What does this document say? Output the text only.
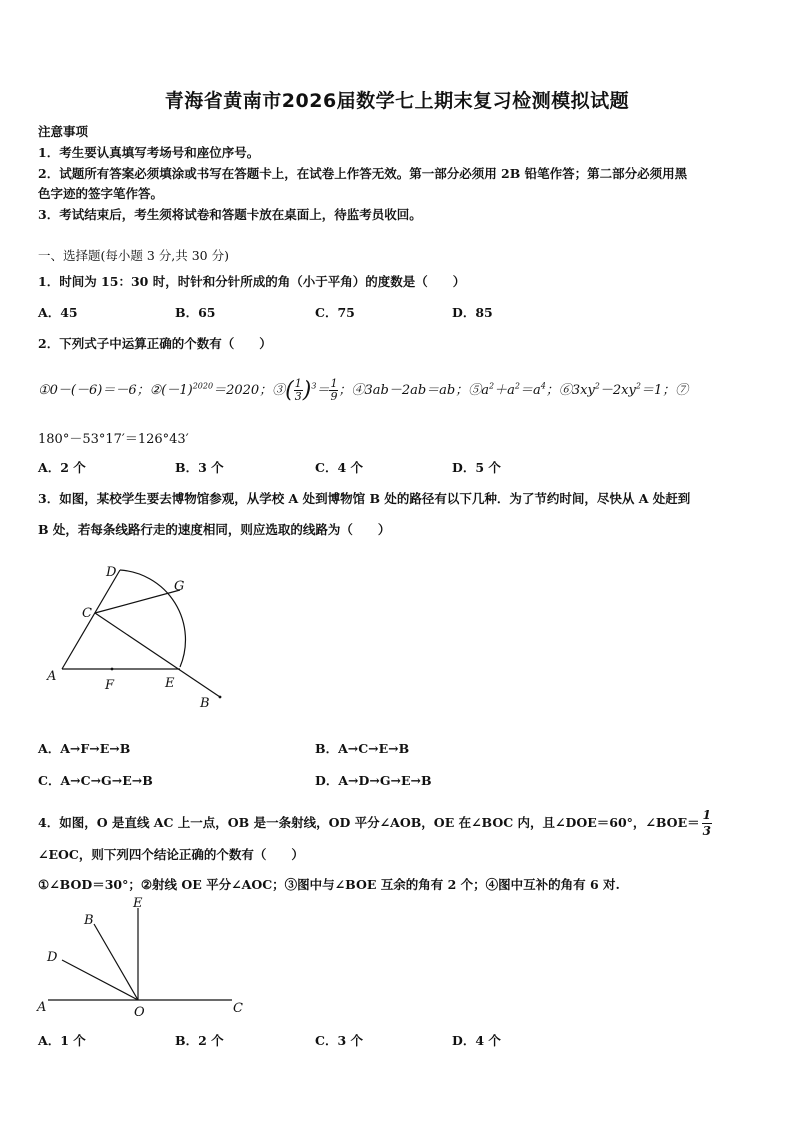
青海省黄南市2026届数学七上期末复习检测模拟试题
注意事项
1．考生要认真填写考场号和座位序号。
2．试题所有答案必须填涂或书写在答题卡上，在试卷上作答无效。第一部分必须用 2B 铅笔作答；第二部分必须用黑
色字迹的签字笔作答。
3．考试结束后，考生须将试卷和答题卡放在桌面上，待监考员收回。
一、选择题(每小题 3 分,共 30 分)
1．时间为 15：30 时，时针和分针所成的角（小于平角）的度数是（　　）
A．45	B．65	C．75	D．85
2．下列式子中运算正确的个数有（　　）
①0－(－6)＝－6；$②(-1)^{2020}=2020$；③( $\frac{1}{3} )^3= \frac{1}{9}$ ；④3ab－2ab＝ab；$⑤a^2+a^2=a^4$；$⑥3xy^2-2xy^2=1$；⑦
180°－53°17′＝126°43′
A．2 个	B．3 个	C．4 个	D．5 个
3．如图，某校学生要去博物馆参观，从学校 A 处到博物馆 B 处的路径有以下几种．为了节约时间，尽快从 A 处赶到
B 处，若每条线路行走的速度相同，则应选取的线路为（　　）
D
G
C
A
F	E
B
A．A→F→E→B	B．A→C→E→B
C．A→C→G→E→B	D．A→D→G→E→B
4．如图，O 是直线 AC 上一点，OB 是一条射线，OD 平分∠AOB，OE 在∠BOC 内，且∠DOE＝60°，∠BOE＝ $\frac{1}{3}$
∠EOC，则下列四个结论正确的个数有（　　）
①∠BOD＝30°；②射线 OE 平分∠AOC；③图中与∠BOE 互余的角有 2 个；④图中互补的角有 6 对.
E
B
D
A	O	C
A．1 个	B．2 个	C．3 个	D．4 个
